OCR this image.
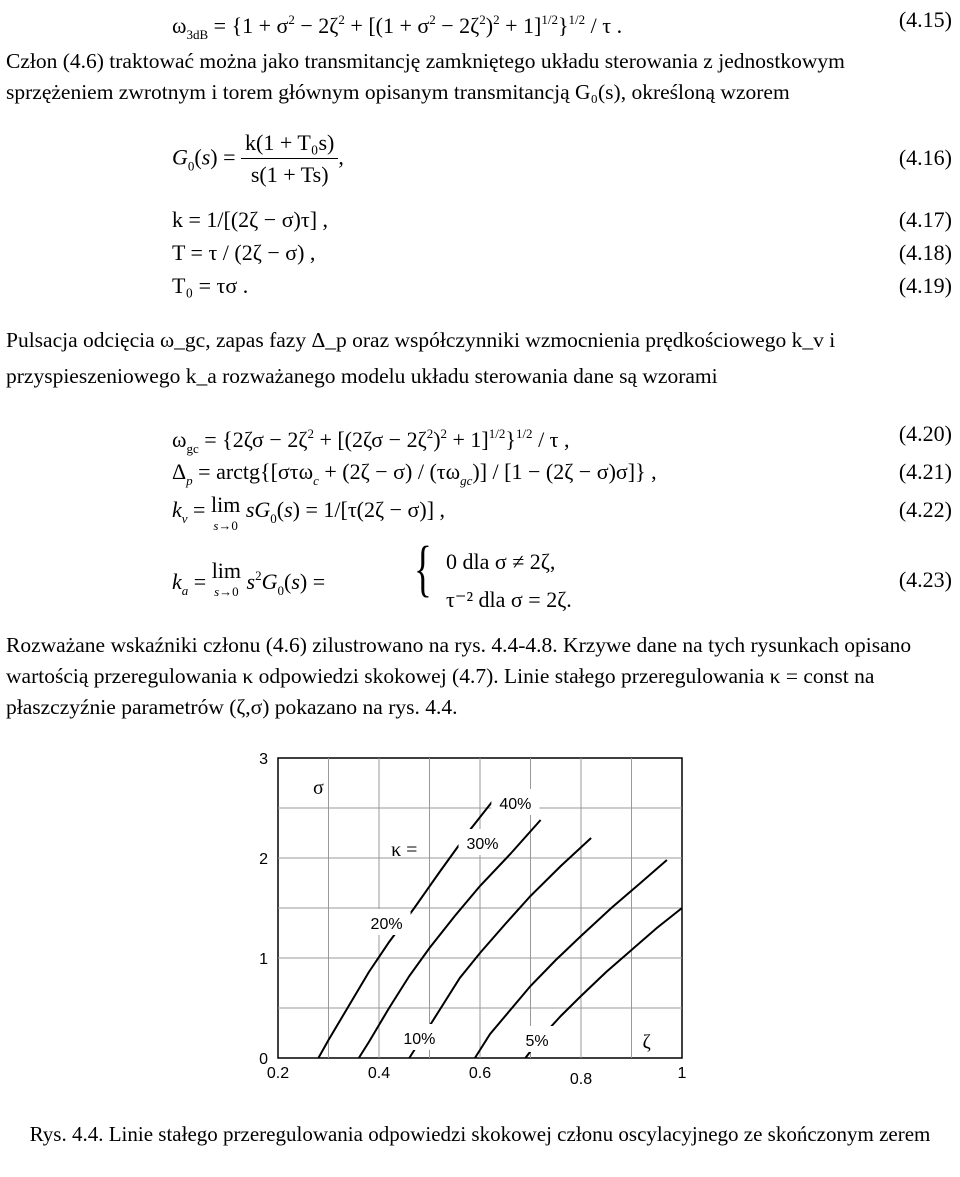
$\omega_{3dB} = \{1 + \sigma^2 - 2\zeta^2 + [(1 + \sigma^2 - 2\zeta^2)^2 + 1]^{1/2}\}^{1/2} / \tau$ .	(4.15)

Człon (4.6) traktować można jako transmitancję zamkniętego układu sterowania z jednostkowym sprzężeniem zwrotnym i torem głównym opisanym transmitancją G₀(s), określoną wzorem

$G_0(s) = \frac{\text{k(1 + T₀s)}}{s(1 + Ts)}$ ,	(4.16)
k = 1/[(2ζ − σ)τ] ,	(4.17)
T = τ / (2ζ − σ) ,	(4.18)
T₀ = τσ .	(4.19)

Pulsacja odcięcia ω_gc, zapas fazy Δ_p oraz współczynniki wzmocnienia prędkościowego k_v i przyspieszeniowego k_a rozważanego modelu układu sterowania dane są wzorami

$\omega_{gc} = \{2\zeta\sigma - 2\zeta^2 + [(2\zeta\sigma - 2\zeta^2)^2 + 1]^{1/2}\}^{1/2} / \tau$ ,	(4.20)
$\Delta_p$ = arctg{[στω$_c$ + $(2\zeta - \sigma) / (\tau\omega_{gc})] / [1 - (2\zeta - \sigma)\sigma]$} ,	(4.21)
$k_v = \lim$
s→0
$sG_0(s) = 1/[\tau(2\zeta - \sigma)]$ ,	(4.22)
$k_a = \lim$
s→0 $s^2G_0(s)$ = { 0 dla σ ≠ 2ζ,
τ⁻² dla σ = 2ζ.
(4.23)

Rozważane wskaźniki członu (4.6) zilustrowano na rys. 4.4-4.8. Krzywe dane na tych rysunkach opisano wartością przeregulowania κ odpowiedzi skokowej (4.7). Linie stałego przeregulowania κ = const na płaszczyźnie parametrów (ζ,σ) pokazano na rys. 4.4.

0.2	0.4	0.6	0.8	1
0
1
2
3
σ
ζ
κ =
5%
10%
20%
30%
40%
Rys. 4.4. Linie stałego przeregulowania odpowiedzi skokowej członu oscylacyjnego ze skończonym zerem
